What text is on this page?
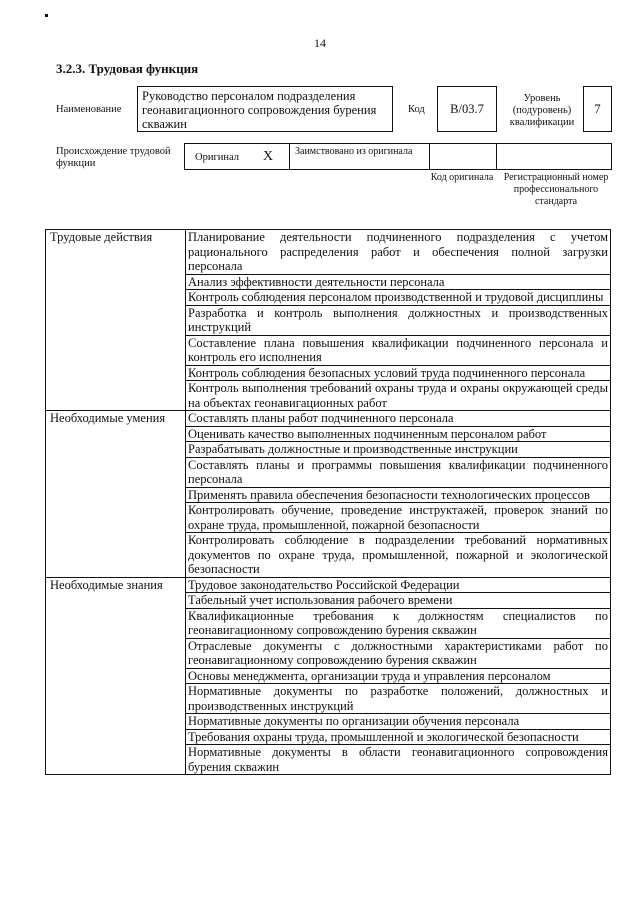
14
3.2.3. Трудовая функция
Наименование
Руководство персоналом подразделения геонавигационного сопровождения бурения скважин
Код	B/03.7
Уровень (подуровень) квалификации
7
Происхождение трудовой функции
Оригинал X Заимствовано из оригинала
Код оригинала	Регистрационный номер профессионального стандарта
Трудовые действия	Планирование деятельности подчиненного подразделения с учетом рационального распределения работ и обеспечения полной загрузки персонала
	Анализ эффективности деятельности персонала
	Контроль соблюдения персоналом производственной и трудовой дисциплины
	Разработка и контроль выполнения должностных и производственных инструкций
	Составление плана повышения квалификации подчиненного персонала и контроль его исполнения
	Контроль соблюдения безопасных условий труда подчиненного персонала
	Контроль выполнения требований охраны труда и охраны окружающей среды на объектах геонавигационных работ
Необходимые умения	Составлять планы работ подчиненного персонала
	Оценивать качество выполненных подчиненным персоналом работ
	Разрабатывать должностные и производственные инструкции
	Составлять планы и программы повышения квалификации подчиненного персонала
	Применять правила обеспечения безопасности технологических процессов
	Контролировать обучение, проведение инструктажей, проверок знаний по охране труда, промышленной, пожарной безопасности
	Контролировать соблюдение в подразделении требований нормативных документов по охране труда, промышленной, пожарной и экологической безопасности
Необходимые знания	Трудовое законодательство Российской Федерации
	Табельный учет использования рабочего времени
	Квалификационные требования к должностям специалистов по геонавигационному сопровождению бурения скважин
	Отраслевые документы с должностными характеристиками работ по геонавигационному сопровождению бурения скважин
	Основы менеджмента, организации труда и управления персоналом
	Нормативные документы по разработке положений, должностных и производственных инструкций
	Нормативные документы по организации обучения персонала
	Требования охраны труда, промышленной и экологической безопасности
	Нормативные документы в области геонавигационного сопровождения бурения скважин
